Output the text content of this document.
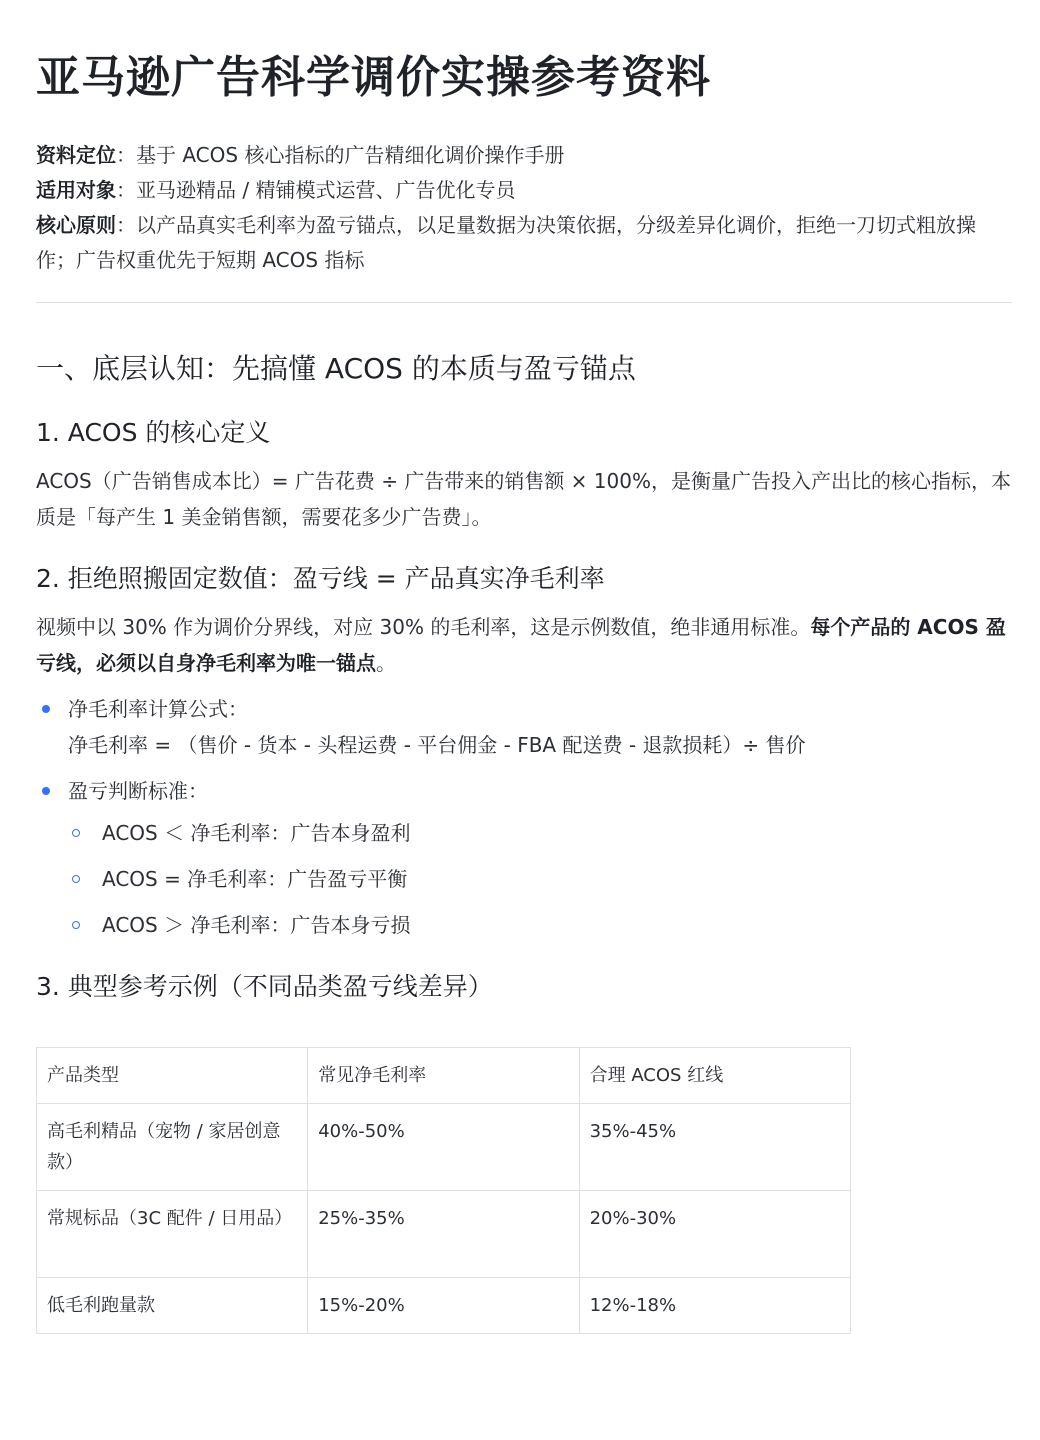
亚马逊广告科学调价实操参考资料
资料定位：基于 ACOS 核心指标的广告精细化调价操作手册
适用对象：亚马逊精品 / 精铺模式运营、广告优化专员
核心原则：以产品真实毛利率为盈亏锚点，以足量数据为决策依据，分级差异化调价，拒绝一刀切式粗放操作；广告权重优先于短期 ACOS 指标
一、底层认知：先搞懂 ACOS 的本质与盈亏锚点
1. ACOS 的核心定义

ACOS（广告销售成本比）= 广告花费 ÷ 广告带来的销售额 × 100%，是衡量广告投入产出比的核心指标，本质是「每产生 1 美金销售额，需要花多少广告费」。

2. 拒绝照搬固定数值：盈亏线 = 产品真实净毛利率

视频中以 30% 作为调价分界线，对应 30% 的毛利率，这是示例数值，绝非通用标准。每个产品的 ACOS 盈亏线，必须以自身净毛利率为唯一锚点。

净毛利率计算公式：
净毛利率 = （售价 - 货本 - 头程运费 - 平台佣金 - FBA 配送费 - 退款损耗）÷ 售价
盈亏判断标准：
ACOS ＜ 净毛利率：广告本身盈利
ACOS = 净毛利率：广告盈亏平衡
ACOS ＞ 净毛利率：广告本身亏损
3. 典型参考示例（不同品类盈亏线差异）
产品类型	常见净毛利率	合理 ACOS 红线
高毛利精品（宠物 / 家居创意款）	40%-50%	35%-45%
常规标品（3C 配件 / 日用品）	25%-35%	20%-30%
低毛利跑量款	15%-20%	12%-18%
